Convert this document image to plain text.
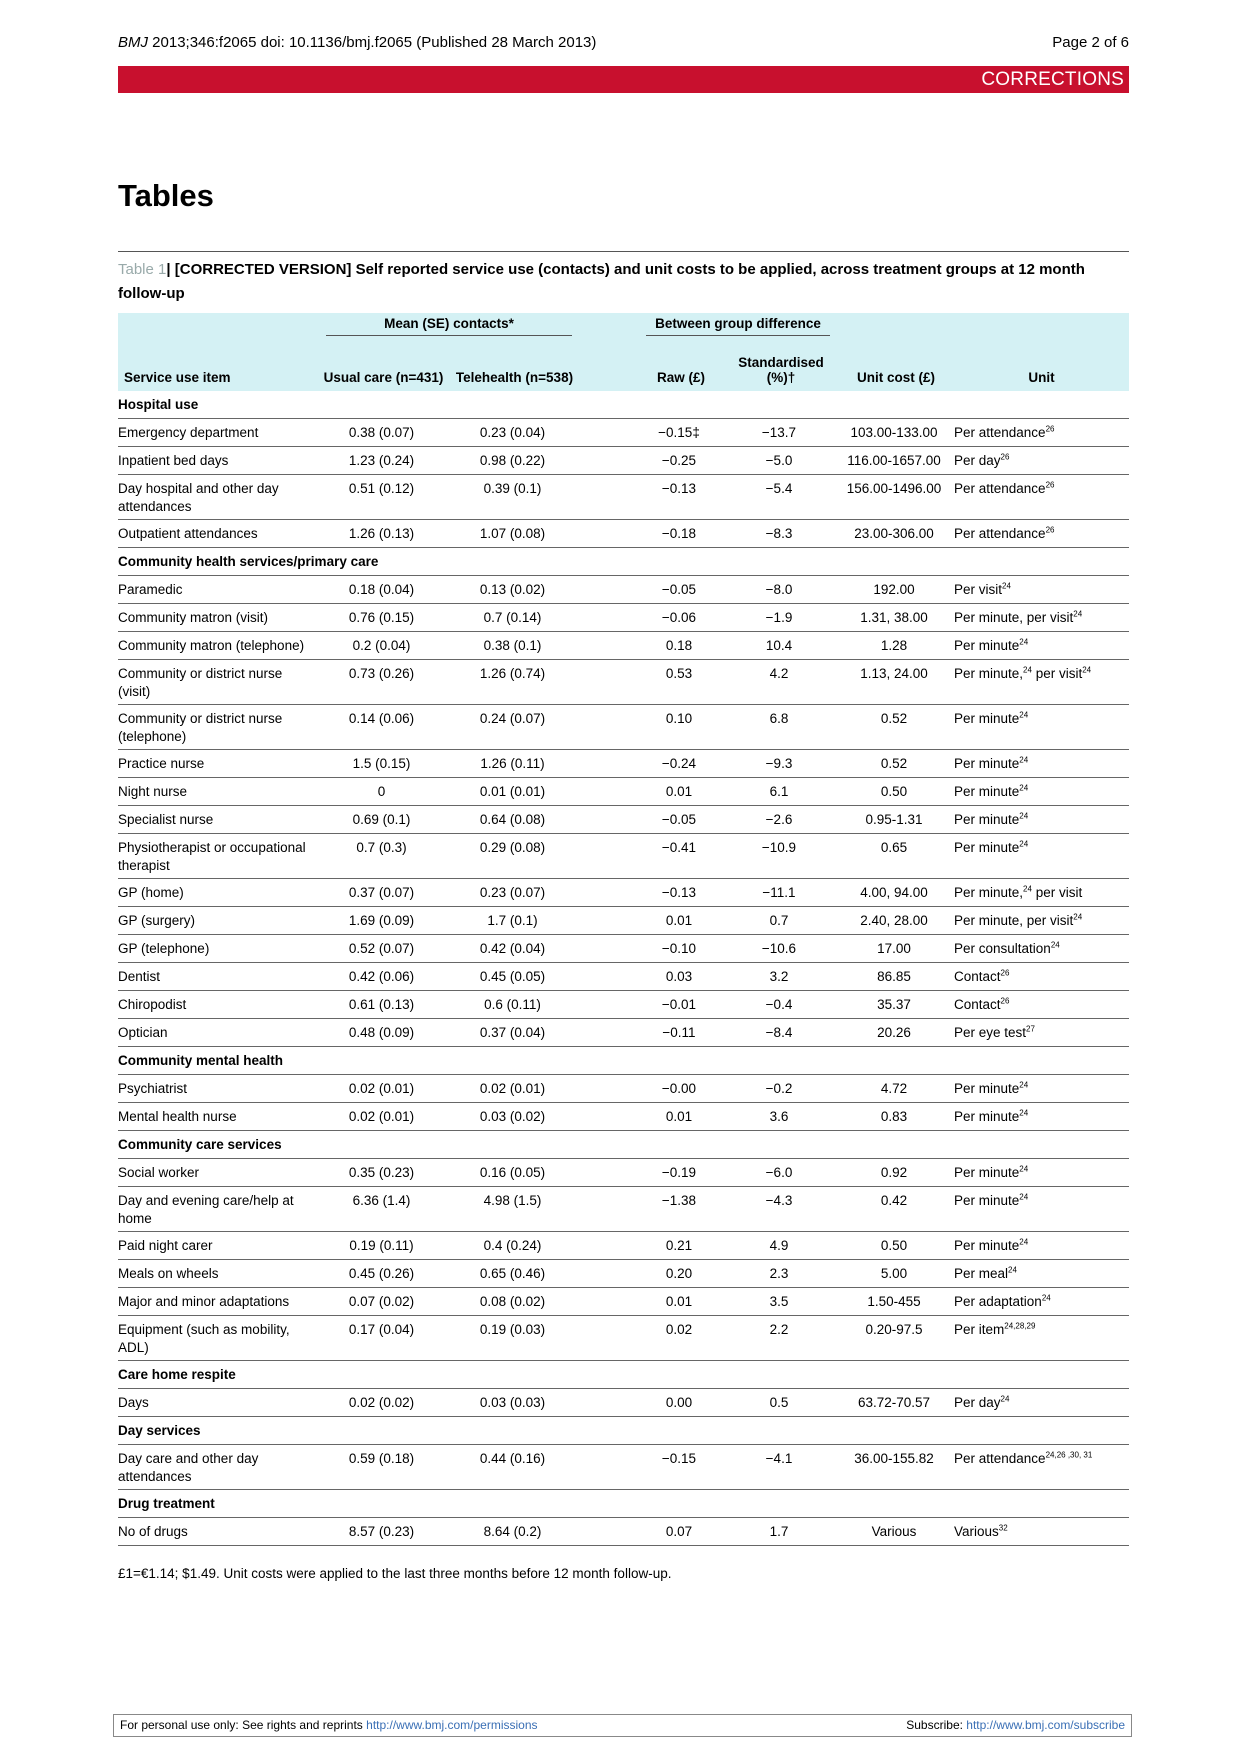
BMJ 2013;346:f2065 doi: 10.1136/bmj.f2065 (Published 28 March 2013)	Page 2 of 6
CORRECTIONS
Tables
Table 1| [CORRECTED VERSION] Self reported service use (contacts) and unit costs to be applied, across treatment groups at 12 month follow-up

	Mean (SE) contacts*			Between group difference			

Service use item	Usual care (n=431)	Telehealth (n=538)		Raw (£)	Standardised (%)†	Unit cost (£)	Unit
Hospital use							
Emergency department	0.38 (0.07)	0.23 (0.04)		−0.15‡	−13.7	103.00-133.00	Per attendance$^{26}$
Inpatient bed days	1.23 (0.24)	0.98 (0.22)		−0.25	−5.0	116.00-1657.00	Per day$^{26}$
Day hospital and other day attendances	0.51 (0.12)	0.39 (0.1)		−0.13	−5.4	156.00-1496.00	Per attendance$^{26}$
Outpatient attendances	1.26 (0.13)	1.07 (0.08)		−0.18	−8.3	23.00-306.00	Per attendance$^{26}$
Community health services/primary care							
Paramedic	0.18 (0.04)	0.13 (0.02)		−0.05	−8.0	192.00	Per visit$^{24}$
Community matron (visit)	0.76 (0.15)	0.7 (0.14)		−0.06	−1.9	1.31, 38.00	Per minute, per visit$^{24}$
Community matron (telephone)	0.2 (0.04)	0.38 (0.1)		0.18	10.4	1.28	Per minute$^{24}$
Community or district nurse (visit)	0.73 (0.26)	1.26 (0.74)		0.53	4.2	1.13, 24.00	Per minute,$^{24}$ per visit$^{24}$
Community or district nurse (telephone)	0.14 (0.06)	0.24 (0.07)		0.10	6.8	0.52	Per minute$^{24}$
Practice nurse	1.5 (0.15)	1.26 (0.11)		−0.24	−9.3	0.52	Per minute$^{24}$
Night nurse	0	0.01 (0.01)		0.01	6.1	0.50	Per minute$^{24}$
Specialist nurse	0.69 (0.1)	0.64 (0.08)		−0.05	−2.6	0.95-1.31	Per minute$^{24}$
Physiotherapist or occupational therapist	0.7 (0.3)	0.29 (0.08)		−0.41	−10.9	0.65	Per minute$^{24}$
GP (home)	0.37 (0.07)	0.23 (0.07)		−0.13	−11.1	4.00, 94.00	Per minute,$^{24}$ per visit
GP (surgery)	1.69 (0.09)	1.7 (0.1)		0.01	0.7	2.40, 28.00	Per minute, per visit$^{24}$
GP (telephone)	0.52 (0.07)	0.42 (0.04)		−0.10	−10.6	17.00	Per consultation$^{24}$
Dentist	0.42 (0.06)	0.45 (0.05)		0.03	3.2	86.85	Contact$^{26}$
Chiropodist	0.61 (0.13)	0.6 (0.11)		−0.01	−0.4	35.37	Contact$^{26}$
Optician	0.48 (0.09)	0.37 (0.04)		−0.11	−8.4	20.26	Per eye test$^{27}$
Community mental health							
Psychiatrist	0.02 (0.01)	0.02 (0.01)		−0.00	−0.2	4.72	Per minute$^{24}$
Mental health nurse	0.02 (0.01)	0.03 (0.02)		0.01	3.6	0.83	Per minute$^{24}$
Community care services							
Social worker	0.35 (0.23)	0.16 (0.05)		−0.19	−6.0	0.92	Per minute$^{24}$
Day and evening care/help at home	6.36 (1.4)	4.98 (1.5)		−1.38	−4.3	0.42	Per minute$^{24}$
Paid night carer	0.19 (0.11)	0.4 (0.24)		0.21	4.9	0.50	Per minute$^{24}$
Meals on wheels	0.45 (0.26)	0.65 (0.46)		0.20	2.3	5.00	Per meal$^{24}$
Major and minor adaptations	0.07 (0.02)	0.08 (0.02)		0.01	3.5	1.50-455	Per adaptation$^{24}$
Equipment (such as mobility, ADL)	0.17 (0.04)	0.19 (0.03)		0.02	2.2	0.20-97.5	Per item$^{24,28,29}$
Care home respite							
Days	0.02 (0.02)	0.03 (0.03)		0.00	0.5	63.72-70.57	Per day$^{24}$
Day services							
Day care and other day attendances	0.59 (0.18)	0.44 (0.16)		−0.15	−4.1	36.00-155.82	Per attendance$^{24,26 ,30, 31}$
Drug treatment							
No of drugs	8.57 (0.23)	8.64 (0.2)		0.07	1.7	Various	Various$^{32}$
£1=€1.14; $1.49. Unit costs were applied to the last three months before 12 month follow-up.
For personal use only: See rights and reprints http://www.bmj.com/permissions	Subscribe: http://www.bmj.com/subscribe
